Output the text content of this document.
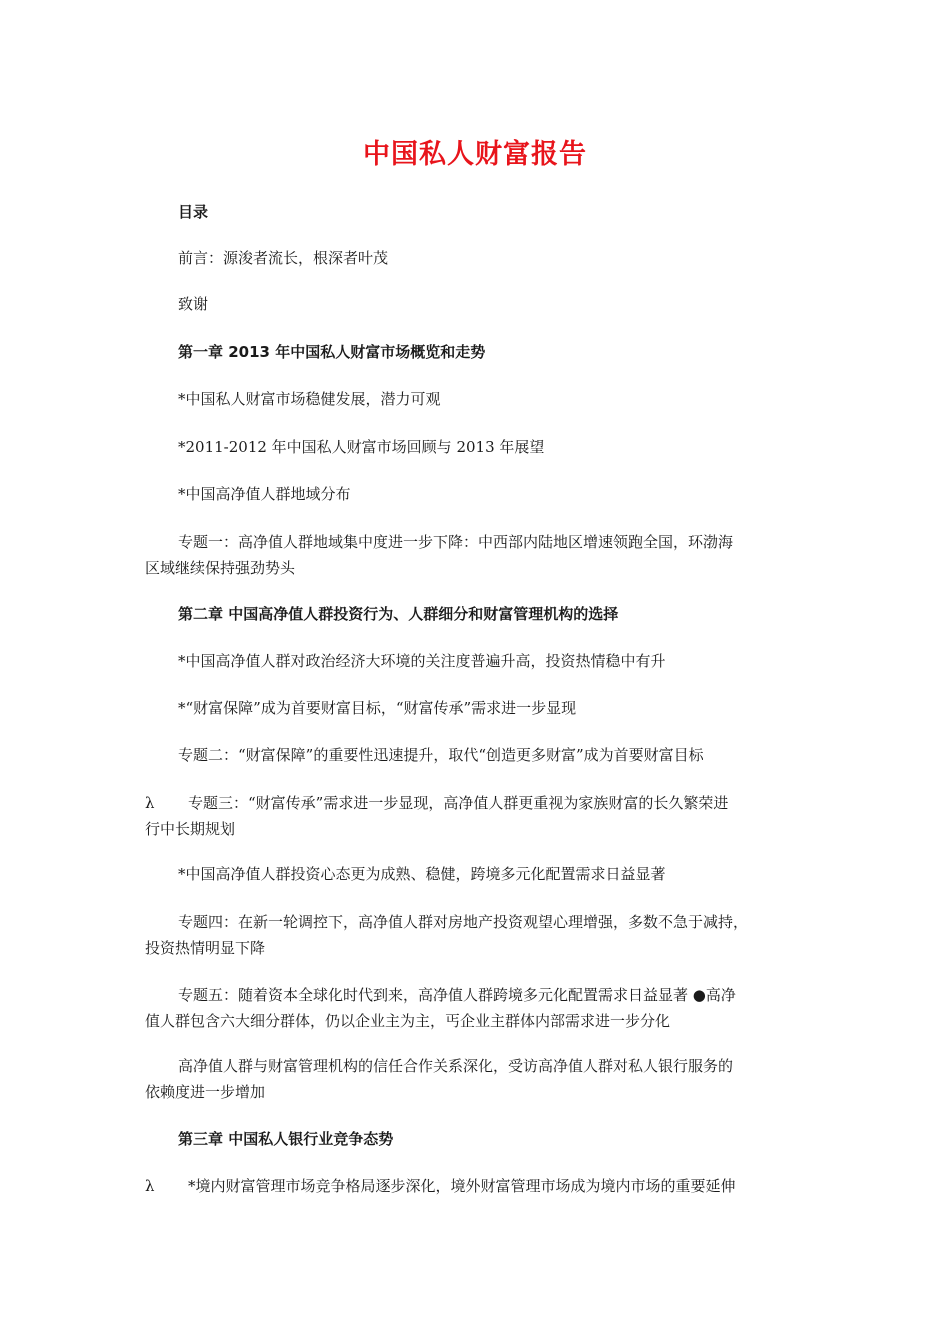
中国私人财富报告
目录
前言：源浚者流长，根深者叶茂
致谢
第一章 2013 年中国私人财富市场概览和走势
*中国私人财富市场稳健发展，潜力可观
*2011-2012 年中国私人财富市场回顾与 2013 年展望
*中国高净值人群地域分布
专题一：高净值人群地域集中度进一步下降：中西部内陆地区增速领跑全国，环渤海
区域继续保持强劲势头
第二章 中国高净值人群投资行为、人群细分和财富管理机构的选择
*中国高净值人群对政治经济大环境的关注度普遍升高，投资热情稳中有升
*“财富保障”成为首要财富目标，“财富传承”需求进一步显现
专题二：“财富保障”的重要性迅速提升，取代“创造更多财富”成为首要财富目标
λ 专题三：“财富传承”需求进一步显现，高净值人群更重视为家族财富的长久繁荣进
行中长期规划
*中国高净值人群投资心态更为成熟、稳健，跨境多元化配置需求日益显著
专题四：在新一轮调控下，高净值人群对房地产投资观望心理增强，多数不急于减持，
投资热情明显下降
专题五：随着资本全球化时代到来，高净值人群跨境多元化配置需求日益显著 ●高净
值人群包含六大细分群体，仍以企业主为主，丐企业主群体内部需求进一步分化
高净值人群与财富管理机构的信任合作关系深化，受访高净值人群对私人银行服务的
依赖度进一步增加
第三章 中国私人银行业竞争态势
λ *境内财富管理市场竞争格局逐步深化，境外财富管理市场成为境内市场的重要延伸
